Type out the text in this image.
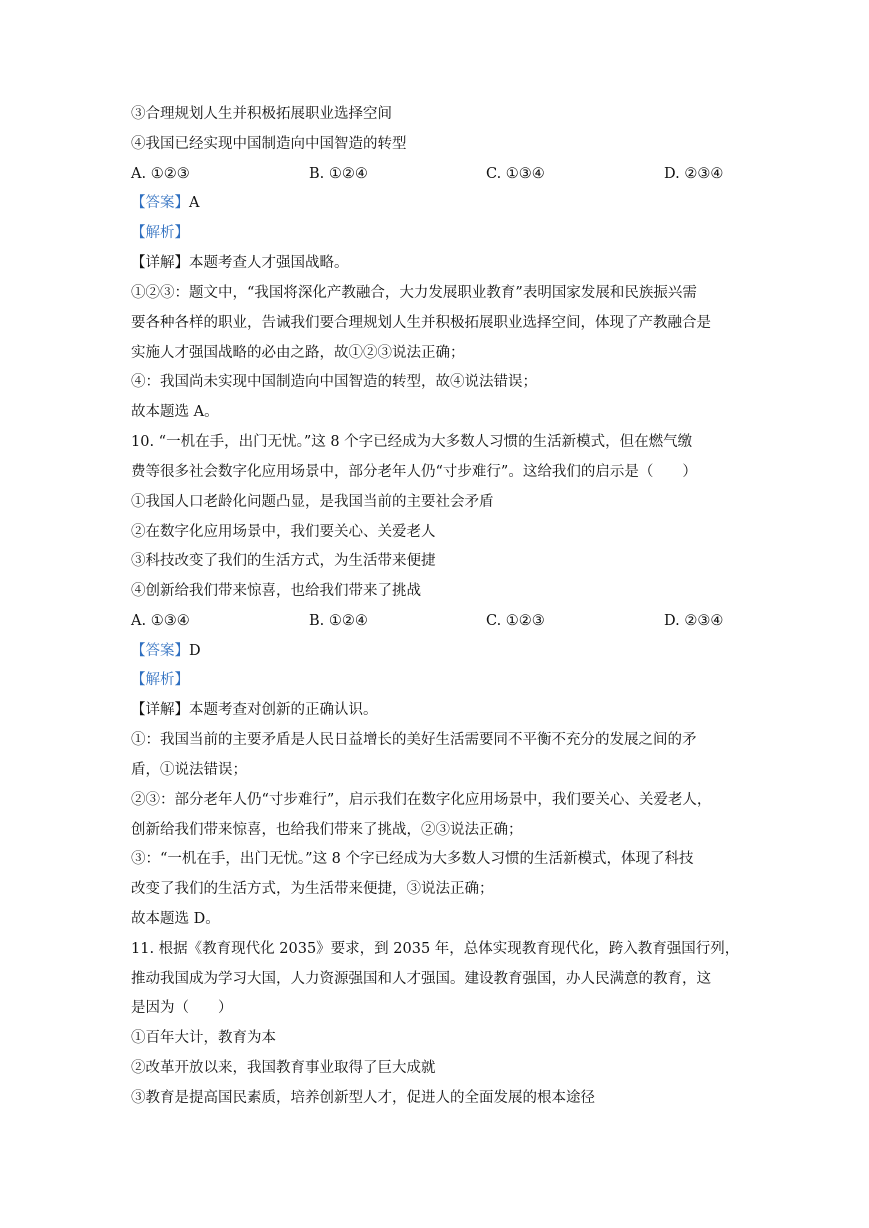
③合理规划人生并积极拓展职业选择空间
④我国已经实现中国制造向中国智造的转型
A. ①②③	B. ①②④	C. ①③④	D. ②③④
【答案】A
【解析】
【详解】本题考查人才强国战略。
①②③：题文中，“我国将深化产教融合，大力发展职业教育”表明国家发展和民族振兴需
要各种各样的职业，告诫我们要合理规划人生并积极拓展职业选择空间，体现了产教融合是
实施人才强国战略的必由之路，故①②③说法正确；
④：我国尚未实现中国制造向中国智造的转型，故④说法错误；
故本题选 A。
10. “一机在手，出门无忧。”这 8 个字已经成为大多数人习惯的生活新模式，但在燃气缴
费等很多社会数字化应用场景中，部分老年人仍“寸步难行”。这给我们的启示是（　　）
①我国人口老龄化问题凸显，是我国当前的主要社会矛盾
②在数字化应用场景中，我们要关心、关爱老人
③科技改变了我们的生活方式，为生活带来便捷
④创新给我们带来惊喜，也给我们带来了挑战
A. ①③④	B. ①②④	C. ①②③	D. ②③④
【答案】D
【解析】
【详解】本题考查对创新的正确认识。
①：我国当前的主要矛盾是人民日益增长的美好生活需要同不平衡不充分的发展之间的矛
盾，①说法错误；
②③：部分老年人仍“寸步难行”，启示我们在数字化应用场景中，我们要关心、关爱老人，
创新给我们带来惊喜，也给我们带来了挑战，②③说法正确；
③：“一机在手，出门无忧。”这 8 个字已经成为大多数人习惯的生活新模式，体现了科技
改变了我们的生活方式，为生活带来便捷，③说法正确；
故本题选 D。
11. 根据《教育现代化 2035》要求，到 2035 年，总体实现教育现代化，跨入教育强国行列，
推动我国成为学习大国，人力资源强国和人才强国。建设教育强国，办人民满意的教育，这
是因为（　　）
①百年大计，教育为本
②改革开放以来，我国教育事业取得了巨大成就
③教育是提高国民素质，培养创新型人才，促进人的全面发展的根本途径
